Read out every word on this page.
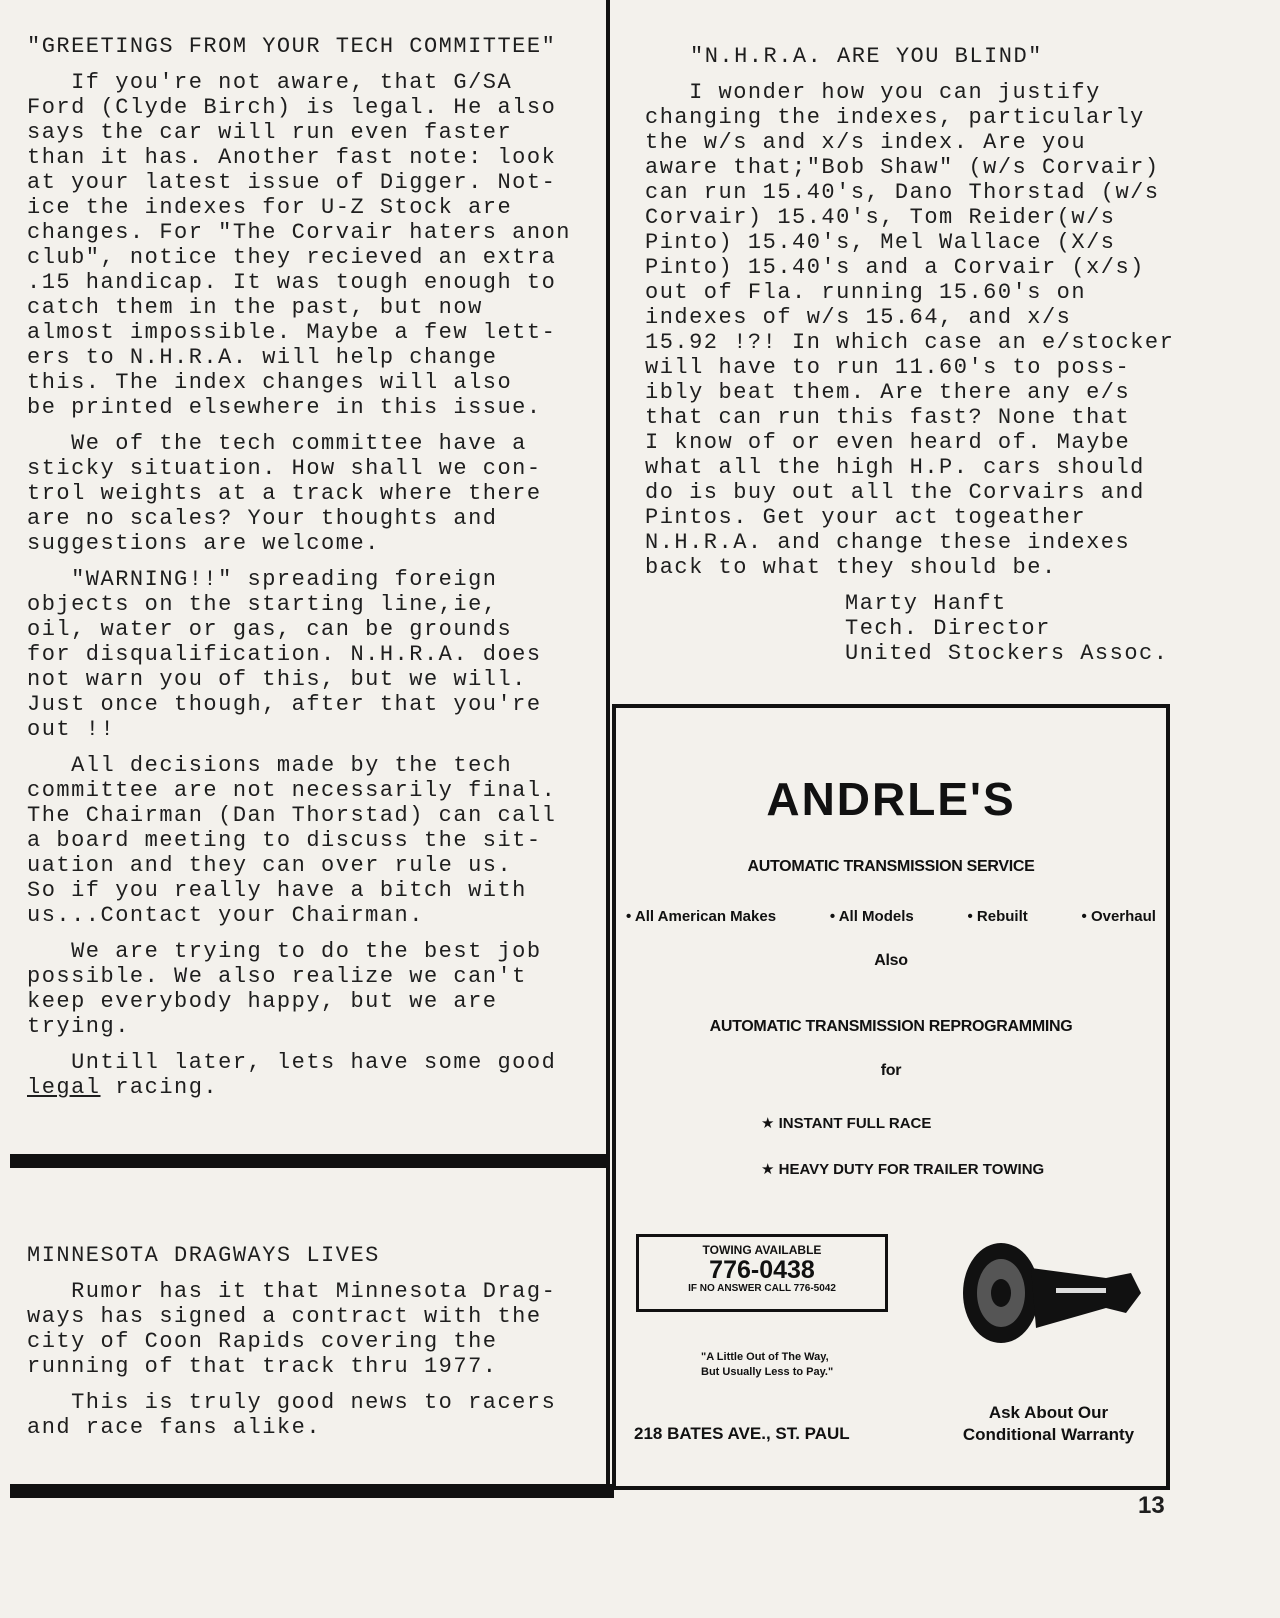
"GREETINGS FROM YOUR TECH COMMITTEE"
If you're not aware, that G/SA
Ford (Clyde Birch) is legal. He also
says the car will run even faster
than it has. Another fast note: look
at your latest issue of Digger. Not-
ice the indexes for U-Z Stock are
changes. For "The Corvair haters anon
club", notice they recieved an extra
.15 handicap. It was tough enough to
catch them in the past, but now
almost impossible. Maybe a few lett-
ers to N.H.R.A. will help change
this. The index changes will also
be printed elsewhere in this issue.
We of the tech committee have a
sticky situation. How shall we con-
trol weights at a track where there
are no scales? Your thoughts and
suggestions are welcome.
"WARNING!!" spreading foreign
objects on the starting line,ie,
oil, water or gas, can be grounds
for disqualification. N.H.R.A. does
not warn you of this, but we will.
Just once though, after that you're
out !!
All decisions made by the tech
committee are not necessarily final.
The Chairman (Dan Thorstad) can call
a board meeting to discuss the sit-
uation and they can over rule us.
So if you really have a bitch with
us...Contact your Chairman.
We are trying to do the best job
possible. We also realize we can't
keep everybody happy, but we are
trying.
Untill later, lets have some good
legal racing.
MINNESOTA DRAGWAYS LIVES
Rumor has it that Minnesota Drag-
ways has signed a contract with the
city of Coon Rapids covering the
running of that track thru 1977.
This is truly good news to racers
and race fans alike.
"N.H.R.A. ARE YOU BLIND"
I wonder how you can justify
changing the indexes, particularly
the w/s and x/s index. Are you
aware that;"Bob Shaw" (w/s Corvair)
can run 15.40's, Dano Thorstad (w/s
Corvair) 15.40's, Tom Reider(w/s
Pinto) 15.40's, Mel Wallace (X/s
Pinto) 15.40's and a Corvair (x/s)
out of Fla. running 15.60's on
indexes of w/s 15.64, and x/s
15.92 !?! In which case an e/stocker
will have to run 11.60's to poss-
ibly beat them. Are there any e/s
that can run this fast? None that
I know of or even heard of. Maybe
what all the high H.P. cars should
do is buy out all the Corvairs and
Pintos. Get your act togeather
N.H.R.A. and change these indexes
back to what they should be.
Marty Hanft
Tech. Director
United Stockers Assoc.
ANDRLE'S
AUTOMATIC TRANSMISSION SERVICE
• All American Makes	• All Models	• Rebuilt	• Overhaul
Also
AUTOMATIC TRANSMISSION REPROGRAMMING
for
★ INSTANT FULL RACE
★ HEAVY DUTY FOR TRAILER TOWING
TOWING AVAILABLE
776-0438
IF NO ANSWER CALL 776-5042
"A Little Out of The Way,
But Usually Less to Pay."
218 BATES AVE., ST. PAUL
Ask About Our
Conditional Warranty
13
